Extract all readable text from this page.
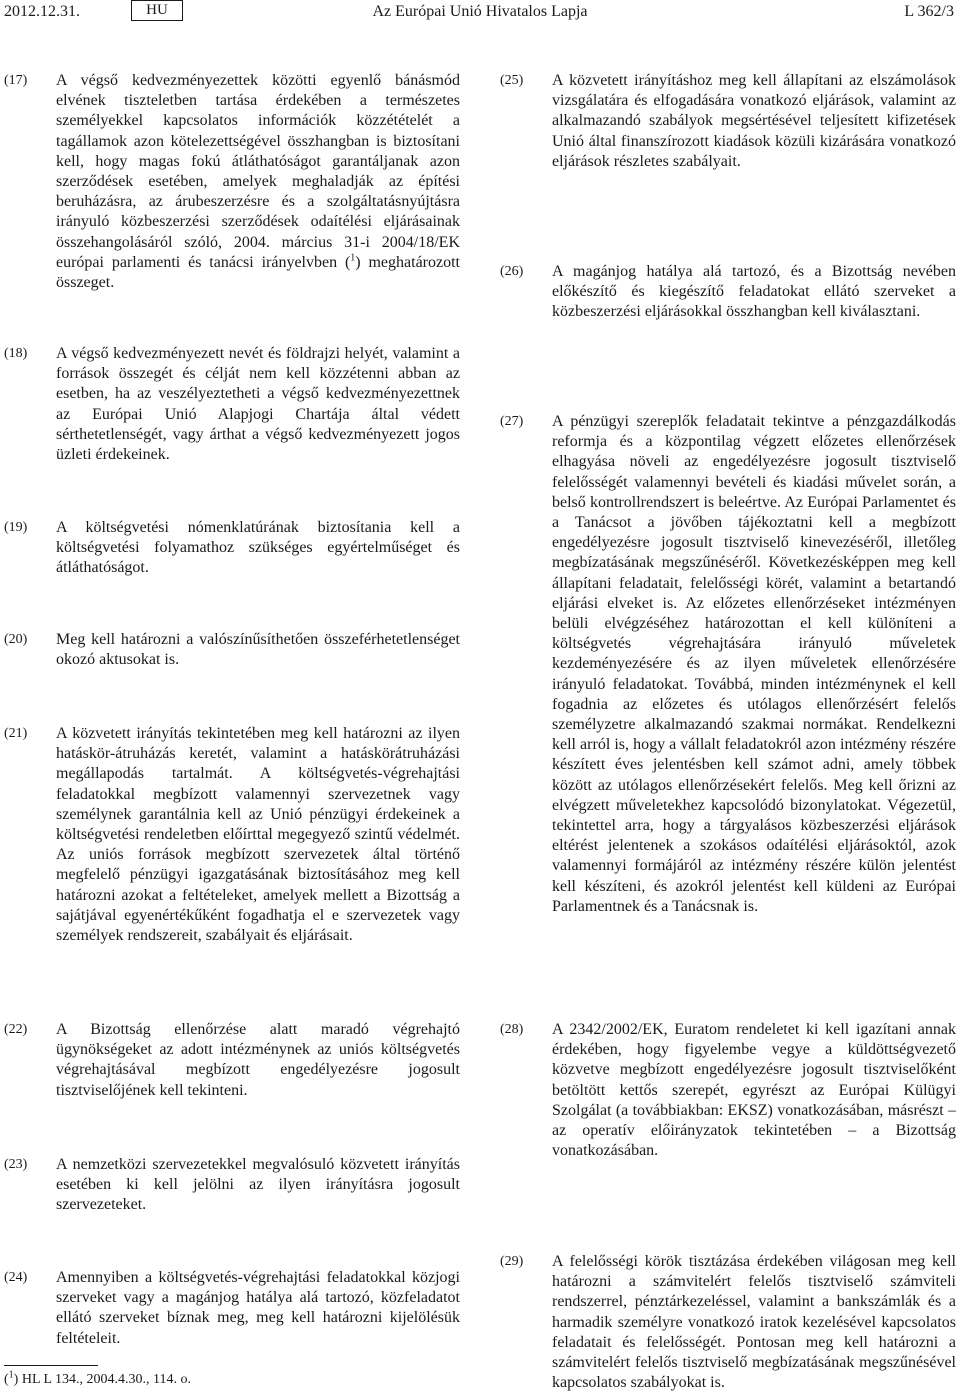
2012.12.31.	HU	Az Európai Unió Hivatalos Lapja	L 362/3
(17) A végső kedvezményezettek közötti egyenlő bánásmód elvének tiszteletben tartása érdekében a természetes személyekkel kapcsolatos információk közzétételét a tagállamok azon kötelezettségével összhangban is biztosítani kell, hogy magas fokú átláthatóságot garantáljanak azon szerződések esetében, amelyek meghaladják az építési beruházásra, az árubeszerzésre és a szolgáltatásnyújtásra irányuló közbeszerzési szerződések odaítélési eljárásainak összehangolásáról szóló, 2004. március 31-i 2004/18/EK európai parlamenti és tanácsi irányelvben ($^1$) meghatározott összeget.
(18) A végső kedvezményezett nevét és földrajzi helyét, valamint a források összegét és célját nem kell közzétenni abban az esetben, ha az veszélyeztetheti a végső kedvezményezettnek az Európai Unió Alapjogi Chartája által védett sérthetetlenségét, vagy árthat a végső kedvezményezett jogos üzleti érdekeinek.
(19) A költségvetési nómenklatúrának biztosítania kell a költségvetési folyamathoz szükséges egyértelműséget és átláthatóságot.
(20) Meg kell határozni a valószínűsíthetően összeférhetetlenséget okozó aktusokat is.
(21) A közvetett irányítás tekintetében meg kell határozni az ilyen hatáskör-átruházás keretét, valamint a hatáskörátruházási megállapodás tartalmát. A költségvetés-végrehajtási feladatokkal megbízott valamennyi szervezetnek vagy személynek garantálnia kell az Unió pénzügyi érdekeinek a költségvetési rendeletben előírttal megegyező szintű védelmét. Az uniós források megbízott szervezetek által történő megfelelő pénzügyi igazgatásának biztosításához meg kell határozni azokat a feltételeket, amelyek mellett a Bizottság a sajátjával egyenértékűként fogadhatja el e szervezetek vagy személyek rendszereit, szabályait és eljárásait.
(22) A Bizottság ellenőrzése alatt maradó végrehajtó ügynökségeket az adott intézménynek az uniós költségvetés végrehajtásával megbízott engedélyezésre jogosult tisztviselőjének kell tekinteni.
(23) A nemzetközi szervezetekkel megvalósuló közvetett irányítás esetében ki kell jelölni az ilyen irányításra jogosult szervezeteket.
(24) Amennyiben a költségvetés-végrehajtási feladatokkal közjogi szerveket vagy a magánjog hatálya alá tartozó, közfeladatot ellátó szerveket bíznak meg, meg kell határozni kijelölésük feltételeit.
(25) A közvetett irányításhoz meg kell állapítani az elszámolások vizsgálatára és elfogadására vonatkozó eljárások, valamint az alkalmazandó szabályok megsértésével teljesített kifizetések Unió által finanszírozott kiadások közüli kizárására vonatkozó eljárások részletes szabályait.
(26) A magánjog hatálya alá tartozó, és a Bizottság nevében előkészítő és kiegészítő feladatokat ellátó szerveket a közbeszerzési eljárásokkal összhangban kell kiválasztani.
(27) A pénzügyi szereplők feladatait tekintve a pénzgazdálkodás reformja és a központilag végzett előzetes ellenőrzések elhagyása növeli az engedélyezésre jogosult tisztviselő felelősségét valamennyi bevételi és kiadási művelet során, a belső kontrollrendszert is beleértve. Az Európai Parlamentet és a Tanácsot a jövőben tájékoztatni kell a megbízott engedélyezésre jogosult tisztviselő kinevezéséről, illetőleg megbízatásának megszűnéséről. Következésképpen meg kell állapítani feladatait, felelősségi körét, valamint a betartandó eljárási elveket is. Az előzetes ellenőrzéseket intézményen belüli elvégzéséhez határozottan el kell különíteni a költségvetés végrehajtására irányuló műveletek kezdeményezésére és az ilyen műveletek ellenőrzésére irányuló feladatokat. Továbbá, minden intézménynek el kell fogadnia az előzetes és utólagos ellenőrzésért felelős személyzetre alkalmazandó szakmai normákat. Rendelkezni kell arról is, hogy a vállalt feladatokról azon intézmény részére készített éves jelentésben kell számot adni, amely többek között az utólagos ellenőrzésekért felelős. Meg kell őrizni az elvégzett műveletekhez kapcsolódó bizonylatokat. Végezetül, tekintettel arra, hogy a tárgyalásos közbeszerzési eljárások eltérést jelentenek a szokásos odaítélési eljárásoktól, azok valamennyi formájáról az intézmény részére külön jelentést kell készíteni, és azokról jelentést kell küldeni az Európai Parlamentnek és a Tanácsnak is.
(28) A 2342/2002/EK, Euratom rendeletet ki kell igazítani annak érdekében, hogy figyelembe vegye a küldöttségvezető közvetve megbízott engedélyezésre jogosult tisztviselőként betöltött kettős szerepét, egyrészt az Európai Külügyi Szolgálat (a továbbiakban: EKSZ) vonatkozásában, másrészt – az operatív előirányzatok tekintetében – a Bizottság vonatkozásában.
(29) A felelősségi körök tisztázása érdekében világosan meg kell határozni a számvitelért felelős tisztviselő számviteli rendszerrel, pénztárkezeléssel, valamint a bankszámlák és a harmadik személyre vonatkozó iratok kezelésével kapcsolatos feladatait és felelősségét. Pontosan meg kell határozni a számvitelért felelős tisztviselő megbízatásának megszűnésével kapcsolatos szabályokat is.
($^1$) HL L 134., 2004.4.30., 114. o.
